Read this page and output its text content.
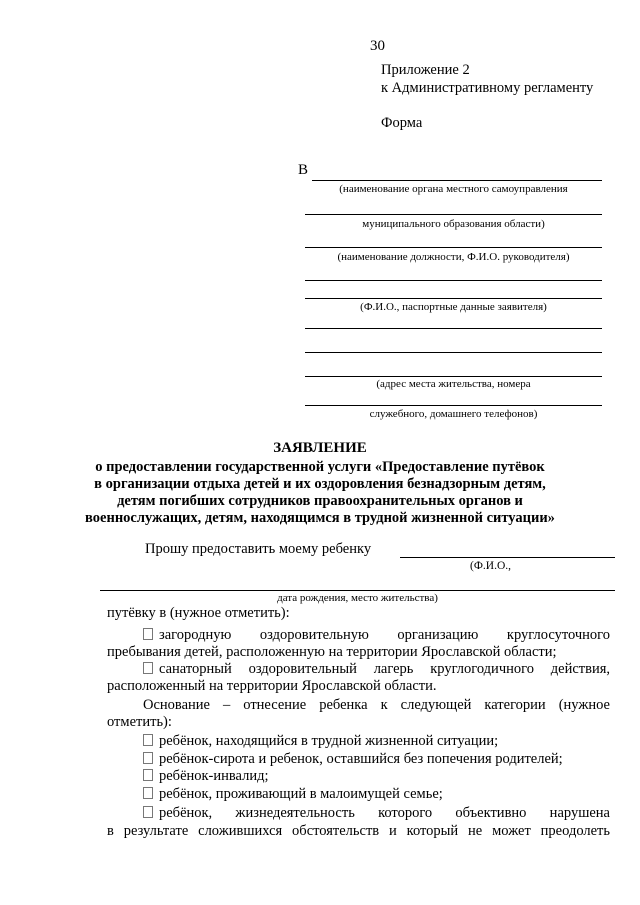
30
Приложение 2
к Административному регламенту
Форма
В
(наименование органа местного самоуправления
муниципального образования области)
(наименование должности, Ф.И.О. руководителя)
(Ф.И.О., паспортные данные заявителя)
(адрес места жительства, номера
служебного, домашнего телефонов)
ЗАЯВЛЕНИЕ
о предоставлении государственной услуги «Предоставление путёвок
в организации отдыха детей и их оздоровления безнадзорным детям,
детям погибших сотрудников правоохранительных органов и
военнослужащих, детям, находящимся в трудной жизненной ситуации»
Прошу предоставить моему ребенку
(Ф.И.О.,
дата рождения, место жительства)
путёвку в (нужное отметить):
загородную оздоровительную организацию круглосуточного
пребывания детей, расположенную на территории Ярославской области;
санаторный оздоровительный лагерь круглогодичного действия,
расположенный на территории Ярославской области.
Основание – отнесение ребенка к следующей категории (нужное
отметить):
ребёнок, находящийся в трудной жизненной ситуации;
ребёнок-сирота и ребенок, оставшийся без попечения родителей;
ребёнок-инвалид;
ребёнок, проживающий в малоимущей семье;
ребёнок, жизнедеятельность которого объективно нарушена
в результате сложившихся обстоятельств и который не может преодолеть
